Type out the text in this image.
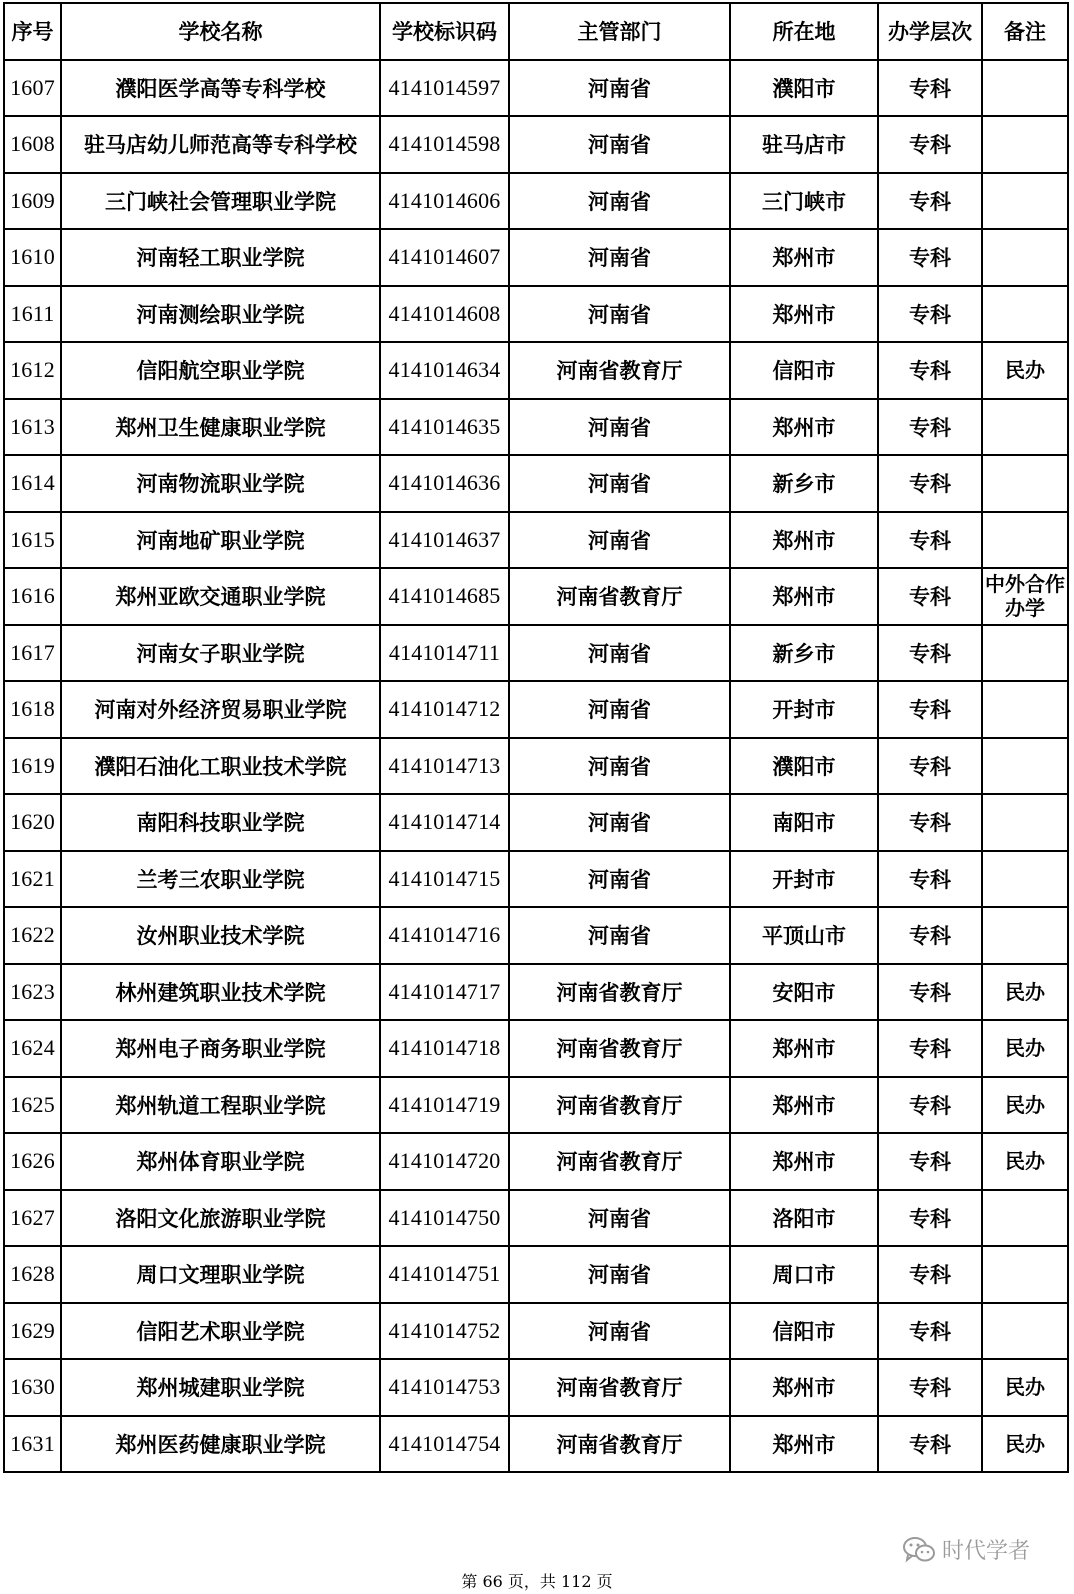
序号	学校名称	学校标识码	主管部门	所在地	办学层次	备注
1607	濮阳医学高等专科学校	4141014597	河南省	濮阳市	专科	
1608	驻马店幼儿师范高等专科学校	4141014598	河南省	驻马店市	专科	
1609	三门峡社会管理职业学院	4141014606	河南省	三门峡市	专科	
1610	河南轻工职业学院	4141014607	河南省	郑州市	专科	
1611	河南测绘职业学院	4141014608	河南省	郑州市	专科	
1612	信阳航空职业学院	4141014634	河南省教育厅	信阳市	专科	民办
1613	郑州卫生健康职业学院	4141014635	河南省	郑州市	专科	
1614	河南物流职业学院	4141014636	河南省	新乡市	专科	
1615	河南地矿职业学院	4141014637	河南省	郑州市	专科	
1616	郑州亚欧交通职业学院	4141014685	河南省教育厅	郑州市	专科	中外合作办学
1617	河南女子职业学院	4141014711	河南省	新乡市	专科	
1618	河南对外经济贸易职业学院	4141014712	河南省	开封市	专科	
1619	濮阳石油化工职业技术学院	4141014713	河南省	濮阳市	专科	
1620	南阳科技职业学院	4141014714	河南省	南阳市	专科	
1621	兰考三农职业学院	4141014715	河南省	开封市	专科	
1622	汝州职业技术学院	4141014716	河南省	平顶山市	专科	
1623	林州建筑职业技术学院	4141014717	河南省教育厅	安阳市	专科	民办
1624	郑州电子商务职业学院	4141014718	河南省教育厅	郑州市	专科	民办
1625	郑州轨道工程职业学院	4141014719	河南省教育厅	郑州市	专科	民办
1626	郑州体育职业学院	4141014720	河南省教育厅	郑州市	专科	民办
1627	洛阳文化旅游职业学院	4141014750	河南省	洛阳市	专科	
1628	周口文理职业学院	4141014751	河南省	周口市	专科	
1629	信阳艺术职业学院	4141014752	河南省	信阳市	专科	
1630	郑州城建职业学院	4141014753	河南省教育厅	郑州市	专科	民办
1631	郑州医药健康职业学院	4141014754	河南省教育厅	郑州市	专科	民办
时代学者
第 66 页，共 112 页
